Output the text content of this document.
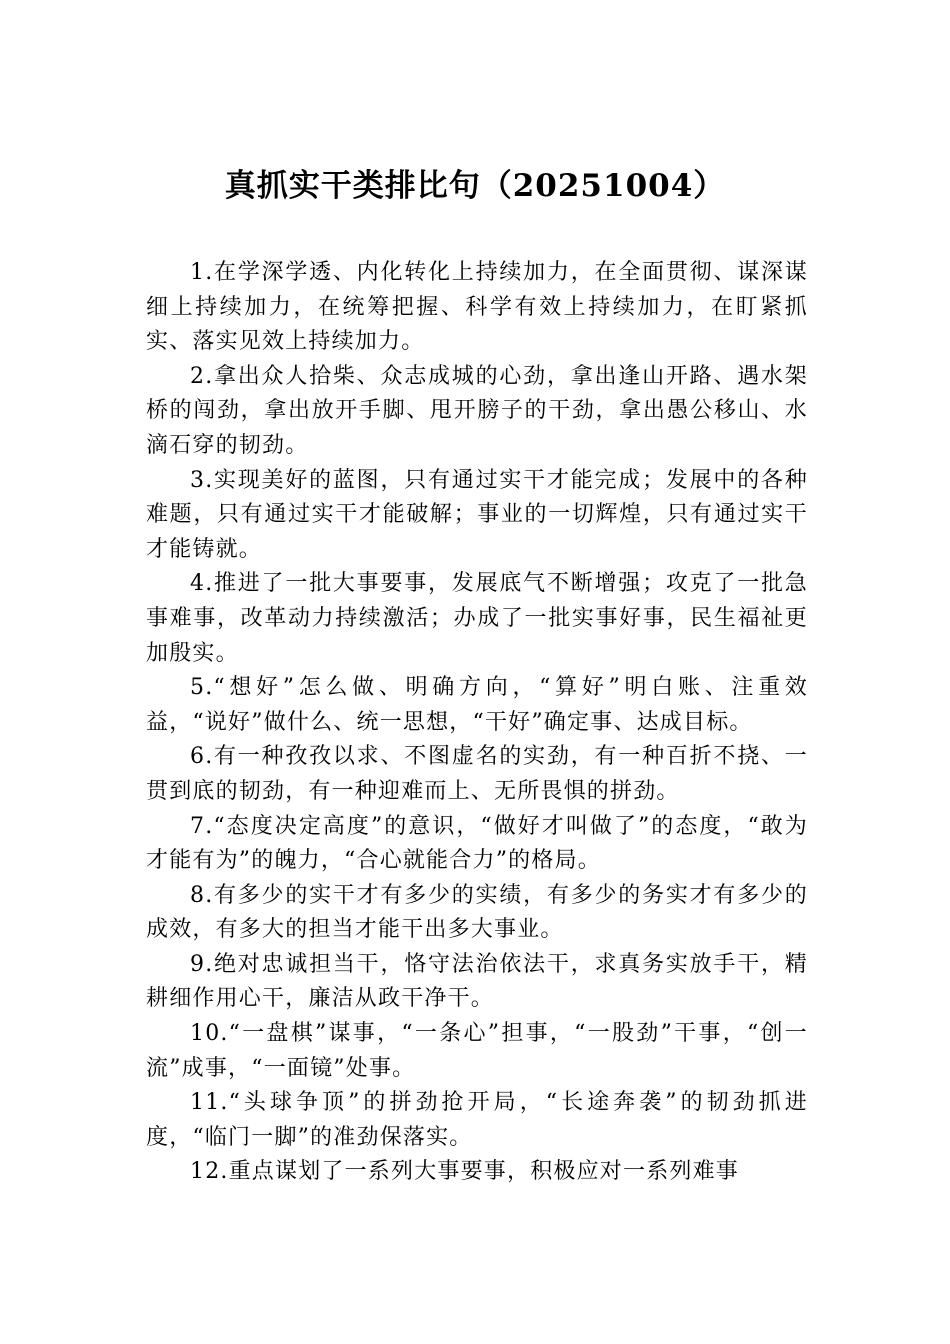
真抓实干类排比句（20251004）

1.在学深学透、内化转化上持续加力，在全面贯彻、谋深谋细上持续加力，在统筹把握、科学有效上持续加力，在盯紧抓实、落实见效上持续加力。

2.拿出众人拾柴、众志成城的心劲，拿出逢山开路、遇水架桥的闯劲，拿出放开手脚、甩开膀子的干劲，拿出愚公移山、水滴石穿的韧劲。

3.实现美好的蓝图，只有通过实干才能完成；发展中的各种难题，只有通过实干才能破解；事业的一切辉煌，只有通过实干才能铸就。

4.推进了一批大事要事，发展底气不断增强；攻克了一批急事难事，改革动力持续激活；办成了一批实事好事，民生福祉更加殷实。

5.“想好”怎么做、明确方向，“算好”明白账、注重效益，“说好”做什么、统一思想，“干好”确定事、达成目标。

6.有一种孜孜以求、不图虚名的实劲，有一种百折不挠、一贯到底的韧劲，有一种迎难而上、无所畏惧的拼劲。

7.“态度决定高度”的意识，“做好才叫做了”的态度，“敢为才能有为”的魄力，“合心就能合力”的格局。

8.有多少的实干才有多少的实绩，有多少的务实才有多少的成效，有多大的担当才能干出多大事业。

9.绝对忠诚担当干，恪守法治依法干，求真务实放手干，精耕细作用心干，廉洁从政干净干。

10.“一盘棋”谋事，“一条心”担事，“一股劲”干事，“创一流”成事，“一面镜”处事。

11.“头球争顶”的拼劲抢开局，“长途奔袭”的韧劲抓进度，“临门一脚”的准劲保落实。

12.重点谋划了一系列大事要事，积极应对一系列难事
